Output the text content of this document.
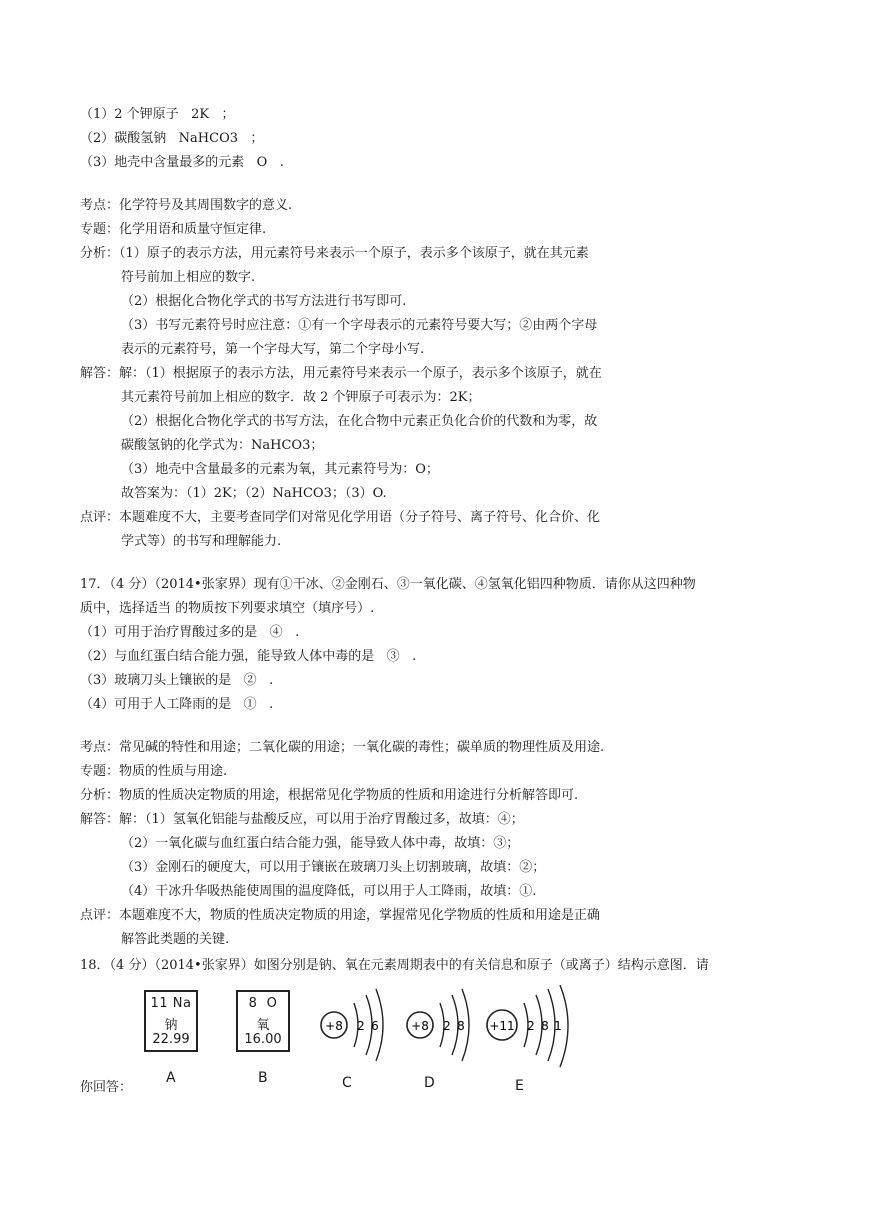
（1）2 个钾原子   2K   ；
（2）碳酸氢钠   NaHCO3   ；
（3）地壳中含量最多的元素   O   .
考点：化学符号及其周围数字的意义.
专题：化学用语和质量守恒定律.
分析：（1）原子的表示方法，用元素符号来表示一个原子，表示多个该原子，就在其元素
符号前加上相应的数字.
（2）根据化合物化学式的书写方法进行书写即可.
（3）书写元素符号时应注意：①有一个字母表示的元素符号要大写；②由两个字母
表示的元素符号，第一个字母大写，第二个字母小写.
解答：解：（1）根据原子的表示方法，用元素符号来表示一个原子，表示多个该原子，就在
其元素符号前加上相应的数字．故 2 个钾原子可表示为：2K；
（2）根据化合物化学式的书写方法，在化合物中元素正负化合价的代数和为零，故
碳酸氢钠的化学式为：NaHCO3；
（3）地壳中含量最多的元素为氧，其元素符号为：O；
故答案为：（1）2K；（2）NaHCO3；（3）O.
点评：本题难度不大，主要考查同学们对常见化学用语（分子符号、离子符号、化合价、化
学式等）的书写和理解能力.
17．（4 分）（2014•张家界）现有①干冰、②金刚石、③一氧化碳、④氢氧化铝四种物质．请你从这四种物
质中，选择适当 的物质按下列要求填空（填序号）.
（1）可用于治疗胃酸过多的是   ④   .
（2）与血红蛋白结合能力强，能导致人体中毒的是   ③   .
（3）玻璃刀头上镶嵌的是   ②   .
（4）可用于人工降雨的是   ①   .
考点：常见碱的特性和用途；二氧化碳的用途；一氧化碳的毒性；碳单质的物理性质及用途.
专题：物质的性质与用途.
分析：物质的性质决定物质的用途，根据常见化学物质的性质和用途进行分析解答即可.
解答：解：（1）氢氧化铝能与盐酸反应，可以用于治疗胃酸过多，故填：④；
（2）一氧化碳与血红蛋白结合能力强，能导致人体中毒，故填：③；
（3）金刚石的硬度大，可以用于镶嵌在玻璃刀头上切割玻璃，故填：②；
（4）干冰升华吸热能使周围的温度降低，可以用于人工降雨，故填：①.
点评：本题难度不大，物质的性质决定物质的用途，掌握常见化学物质的性质和用途是正确
解答此类题的关键.
18．（4 分）（2014•张家界）如图分别是钠、氧在元素周期表中的有关信息和原子（或离子）结构示意图．请
11 Na
钠
22.99
A
8 O
氧
16.00
B
+8 2 6	+8 2 8 +11 2 8 1
C	D	E
你回答：
